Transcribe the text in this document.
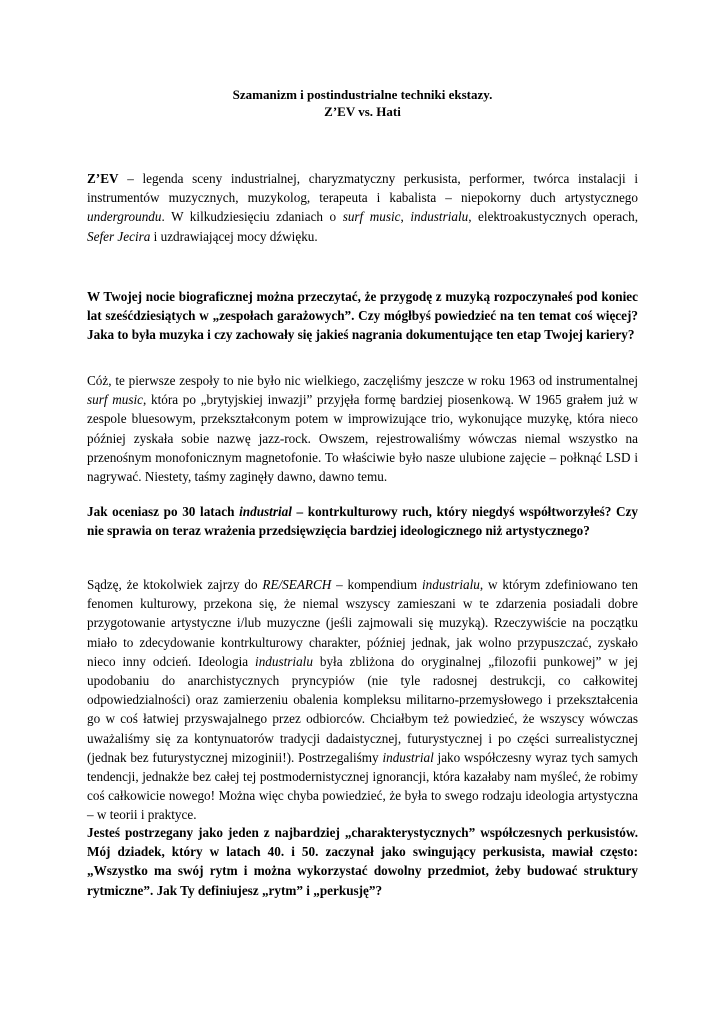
Szamanizm i postindustrialne techniki ekstazy.
Z’EV vs. Hati

Z’EV – legenda sceny industrialnej, charyzmatyczny perkusista, performer, twórca instalacji i instrumentów muzycznych, muzykolog, terapeuta i kabalista – niepokorny duch artystycznego undergroundu. W kilkudziesięciu zdaniach o surf music, industrialu, elektroakustycznych operach, Sefer Jecira i uzdrawiającej mocy dźwięku.

W Twojej nocie biograficznej można przeczytać, że przygodę z muzyką rozpoczynałeś pod koniec lat sześćdziesiątych w „zespołach garażowych”. Czy mógłbyś powiedzieć na ten temat coś więcej? Jaka to była muzyka i czy zachowały się jakieś nagrania dokumentujące ten etap Twojej kariery?

Cóż, te pierwsze zespoły to nie było nic wielkiego, zaczęliśmy jeszcze w roku 1963 od instrumentalnej surf music, która po „brytyjskiej inwazji” przyjęła formę bardziej piosenkową. W 1965 grałem już w zespole bluesowym, przekształconym potem w improwizujące trio, wykonujące muzykę, która nieco później zyskała sobie nazwę jazz-rock. Owszem, rejestrowaliśmy wówczas niemal wszystko na przenośnym monofonicznym magnetofonie. To właściwie było nasze ulubione zajęcie – połknąć LSD i nagrywać. Niestety, taśmy zaginęły dawno, dawno temu.

Jak oceniasz po 30 latach industrial – kontrkulturowy ruch, który niegdyś współtworzyłeś? Czy nie sprawia on teraz wrażenia przedsięwzięcia bardziej ideologicznego niż artystycznego?

Sądzę, że ktokolwiek zajrzy do RE/SEARCH – kompendium industrialu, w którym zdefiniowano ten fenomen kulturowy, przekona się, że niemal wszyscy zamieszani w te zdarzenia posiadali dobre przygotowanie artystyczne i/lub muzyczne (jeśli zajmowali się muzyką). Rzeczywiście na początku miało to zdecydowanie kontrkulturowy charakter, później jednak, jak wolno przypuszczać, zyskało nieco inny odcień. Ideologia industrialu była zbliżona do oryginalnej „filozofii punkowej” w jej upodobaniu do anarchistycznych pryncypiów (nie tyle radosnej destrukcji, co całkowitej odpowiedzialności) oraz zamierzeniu obalenia kompleksu militarno-przemysłowego i przekształcenia go w coś łatwiej przyswajalnego przez odbiorców. Chciałbym też powiedzieć, że wszyscy wówczas uważaliśmy się za kontynuatorów tradycji dadaistycznej, futurystycznej i po części surrealistycznej (jednak bez futurystycznej mizoginii!). Postrzegaliśmy industrial jako współczesny wyraz tych samych tendencji, jednakże bez całej tej postmodernistycznej ignorancji, która kazałaby nam myśleć, że robimy coś całkowicie nowego! Można więc chyba powiedzieć, że była to swego rodzaju ideologia artystyczna – w teorii i praktyce.

Jesteś postrzegany jako jeden z najbardziej „charakterystycznych” współczesnych perkusistów. Mój dziadek, który w latach 40. i 50. zaczynał jako swingujący perkusista, mawiał często: „Wszystko ma swój rytm i można wykorzystać dowolny przedmiot, żeby budować struktury rytmiczne”. Jak Ty definiujesz „rytm” i „perkusję”?
